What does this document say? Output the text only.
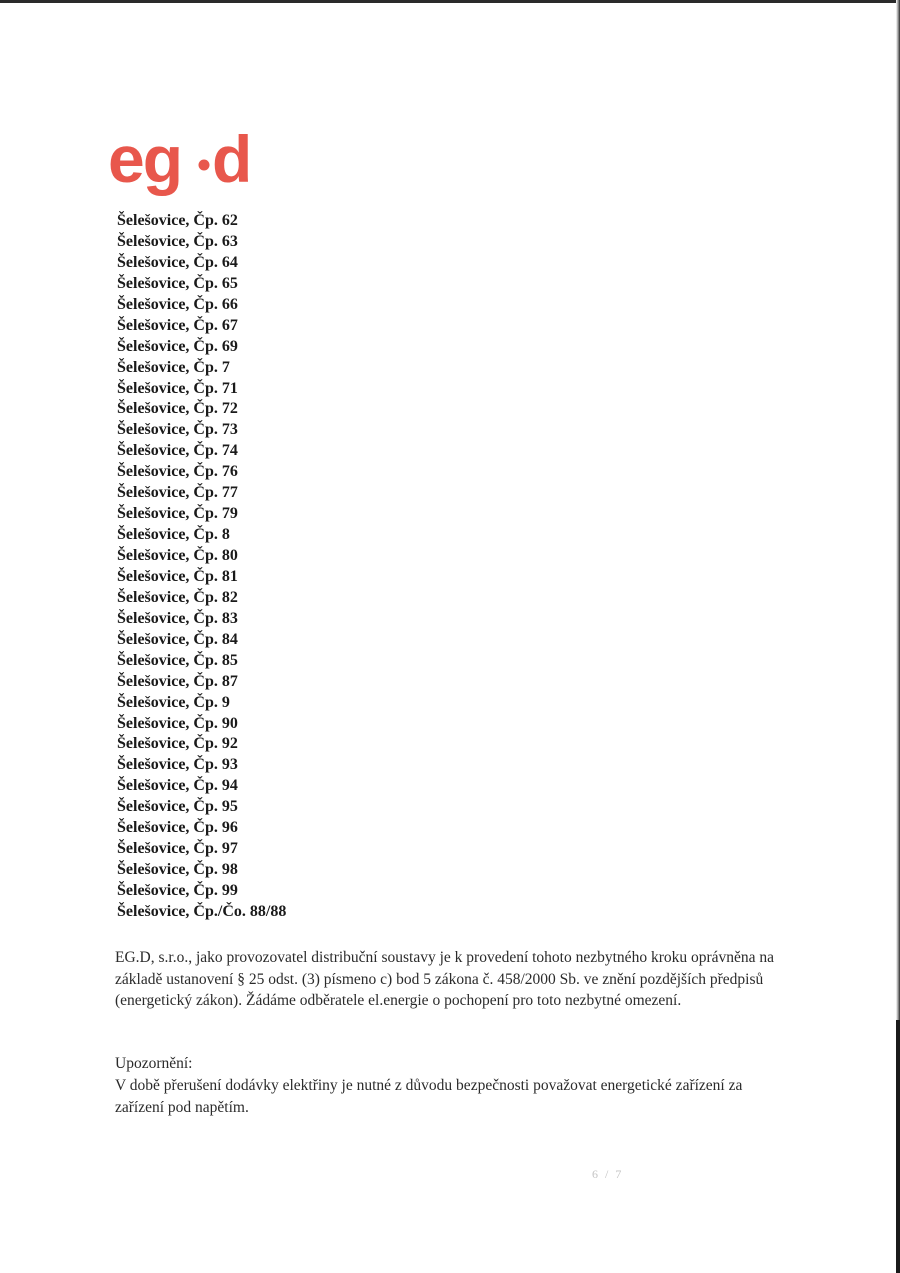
eg d
Šelešovice, Čp. 62
Šelešovice, Čp. 63
Šelešovice, Čp. 64
Šelešovice, Čp. 65
Šelešovice, Čp. 66
Šelešovice, Čp. 67
Šelešovice, Čp. 69
Šelešovice, Čp. 7
Šelešovice, Čp. 71
Šelešovice, Čp. 72
Šelešovice, Čp. 73
Šelešovice, Čp. 74
Šelešovice, Čp. 76
Šelešovice, Čp. 77
Šelešovice, Čp. 79
Šelešovice, Čp. 8
Šelešovice, Čp. 80
Šelešovice, Čp. 81
Šelešovice, Čp. 82
Šelešovice, Čp. 83
Šelešovice, Čp. 84
Šelešovice, Čp. 85
Šelešovice, Čp. 87
Šelešovice, Čp. 9
Šelešovice, Čp. 90
Šelešovice, Čp. 92
Šelešovice, Čp. 93
Šelešovice, Čp. 94
Šelešovice, Čp. 95
Šelešovice, Čp. 96
Šelešovice, Čp. 97
Šelešovice, Čp. 98
Šelešovice, Čp. 99
Šelešovice, Čp./Čo. 88/88
EG.D, s.r.o., jako provozovatel distribuční soustavy je k provedení tohoto nezbytného kroku oprávněna na základě ustanovení § 25 odst. (3) písmeno c) bod 5 zákona č. 458/2000 Sb. ve znění pozdějších předpisů (energetický zákon). Žádáme odběratele el.energie o pochopení pro toto nezbytné omezení.
Upozornění:
V době přerušení dodávky elektřiny je nutné z důvodu bezpečnosti považovat energetické zařízení za zařízení pod napětím.
6 / 7
